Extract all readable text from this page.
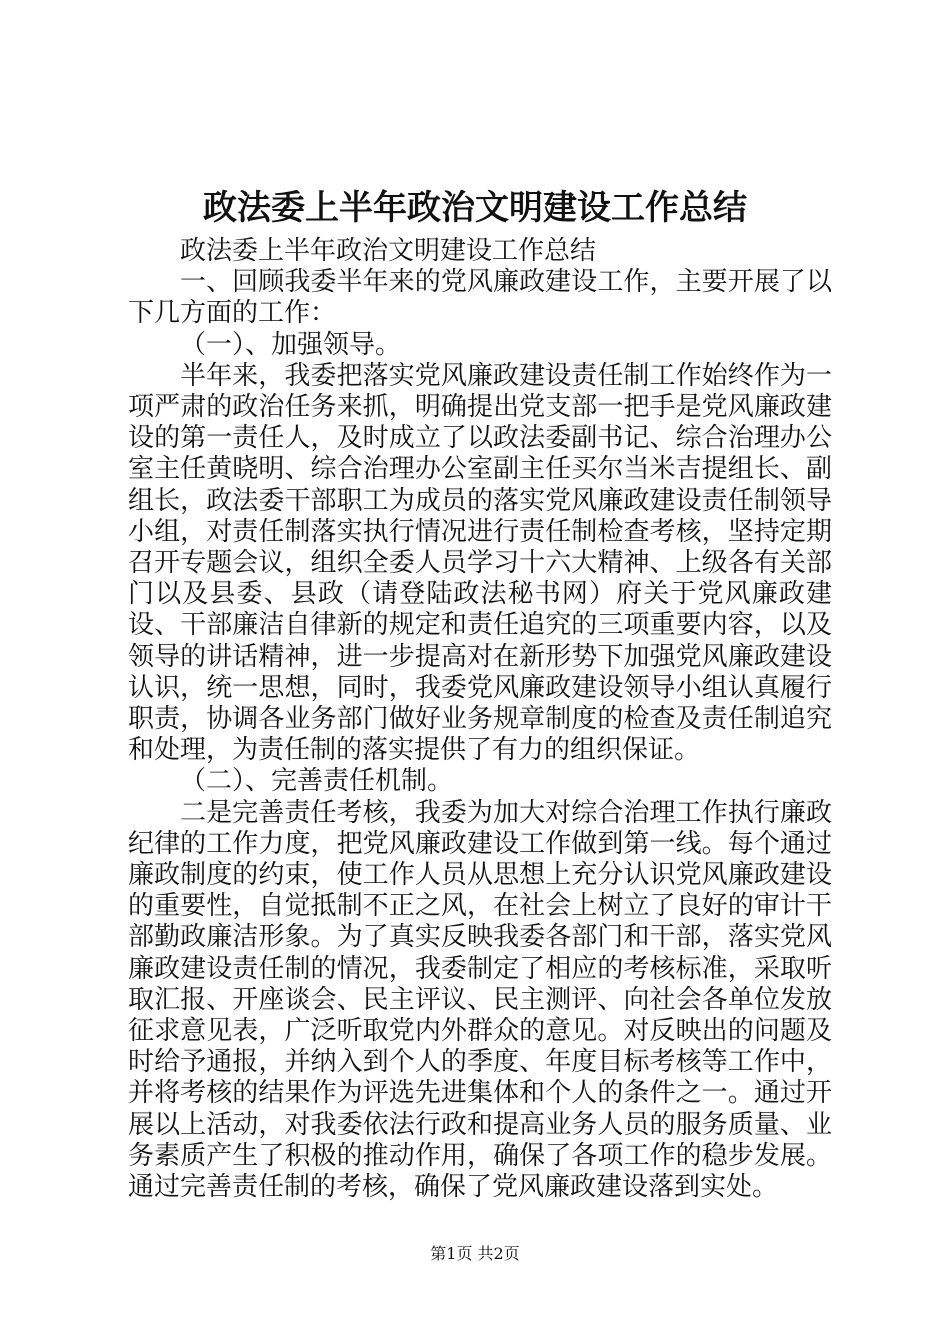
政法委上半年政治文明建设工作总结

政法委上半年政治文明建设工作总结

一、回顾我委半年来的党风廉政建设工作，主要开展了以下几方面的工作：

（一）、加强领导。

半年来，我委把落实党风廉政建设责任制工作始终作为一项严肃的政治任务来抓，明确提出党支部一把手是党风廉政建设的第一责任人，及时成立了以政法委副书记、综合治理办公室主任黄晓明、综合治理办公室副主任买尔当米吉提组长、副组长，政法委干部职工为成员的落实党风廉政建设责任制领导小组，对责任制落实执行情况进行责任制检查考核，坚持定期召开专题会议，组织全委人员学习十六大精神、上级各有关部门以及县委、县政（请登陆政法秘书网）府关于党风廉政建设、干部廉洁自律新的规定和责任追究的三项重要内容，以及领导的讲话精神，进一步提高对在新形势下加强党风廉政建设认识，统一思想，同时，我委党风廉政建设领导小组认真履行职责，协调各业务部门做好业务规章制度的检查及责任制追究和处理，为责任制的落实提供了有力的组织保证。

（二）、完善责任机制。

二是完善责任考核，我委为加大对综合治理工作执行廉政纪律的工作力度，把党风廉政建设工作做到第一线。每个通过廉政制度的约束，使工作人员从思想上充分认识党风廉政建设的重要性，自觉抵制不正之风，在社会上树立了良好的审计干部勤政廉洁形象。为了真实反映我委各部门和干部，落实党风廉政建设责任制的情况，我委制定了相应的考核标准，采取听取汇报、开座谈会、民主评议、民主测评、向社会各单位发放征求意见表，广泛听取党内外群众的意见。对反映出的问题及时给予通报，并纳入到个人的季度、年度目标考核等工作中，并将考核的结果作为评选先进集体和个人的条件之一。通过开展以上活动，对我委依法行政和提高业务人员的服务质量、业务素质产生了积极的推动作用，确保了各项工作的稳步发展。通过完善责任制的考核，确保了党风廉政建设落到实处。

第1页 共2页
